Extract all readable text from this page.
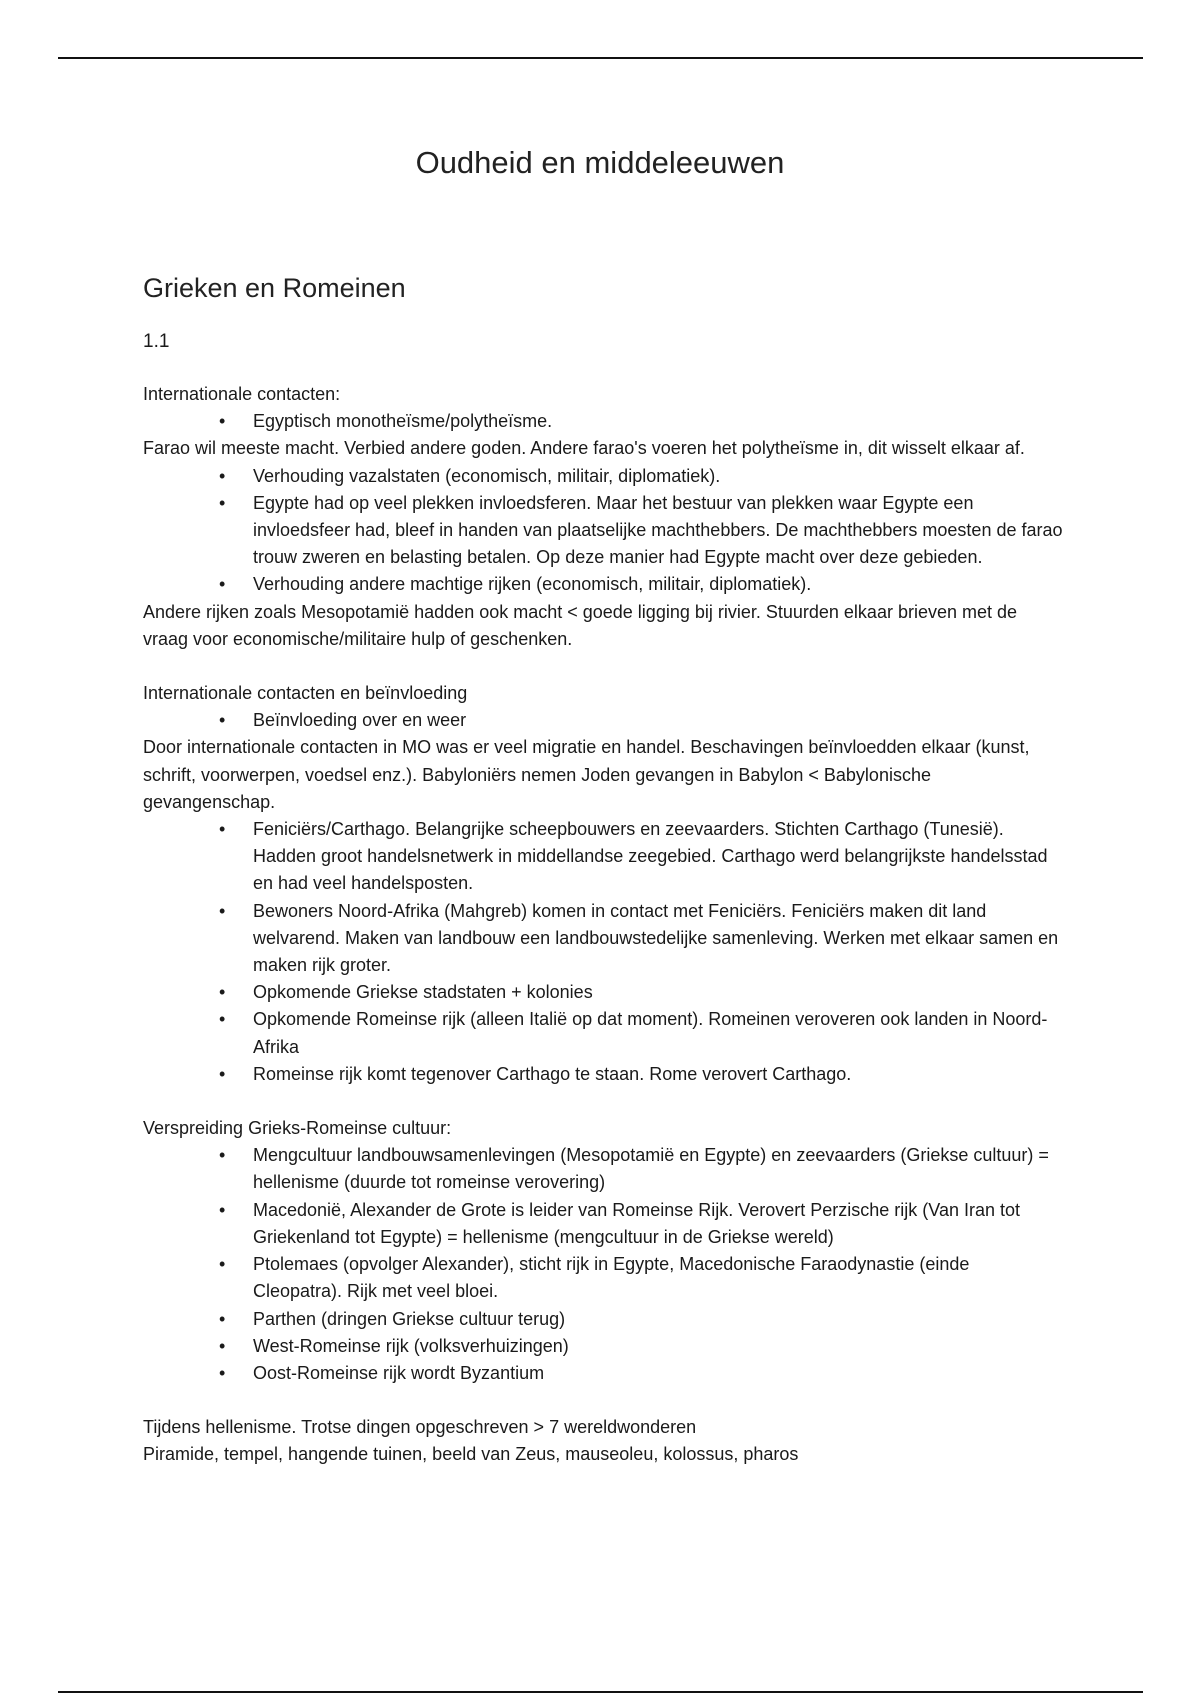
Oudheid en middeleeuwen
Grieken en Romeinen
1.1

Internationale contacten:

• Egyptisch monotheïsme/polytheïsme.

Farao wil meeste macht. Verbied andere goden. Andere farao's voeren het polytheïsme in, dit wisselt elkaar af.

• Verhouding vazalstaten (economisch, militair, diplomatiek).
• Egypte had op veel plekken invloedsferen. Maar het bestuur van plekken waar Egypte een invloedsfeer had, bleef in handen van plaatselijke machthebbers. De machthebbers moesten de farao trouw zweren en belasting betalen. Op deze manier had Egypte macht over deze gebieden.
• Verhouding andere machtige rijken (economisch, militair, diplomatiek).

Andere rijken zoals Mesopotamië hadden ook macht < goede ligging bij rivier. Stuurden elkaar brieven met de vraag voor economische/militaire hulp of geschenken.

Internationale contacten en beïnvloeding

• Beïnvloeding over en weer

Door internationale contacten in MO was er veel migratie en handel. Beschavingen beïnvloedden elkaar (kunst, schrift, voorwerpen, voedsel enz.). Babyloniërs nemen Joden gevangen in Babylon < Babylonische gevangenschap.

• Feniciërs/Carthago. Belangrijke scheepbouwers en zeevaarders. Stichten Carthago (Tunesië). Hadden groot handelsnetwerk in middellandse zeegebied. Carthago werd belangrijkste handelsstad en had veel handelsposten.
• Bewoners Noord-Afrika (Mahgreb) komen in contact met Feniciërs. Feniciërs maken dit land welvarend. Maken van landbouw een landbouwstedelijke samenleving. Werken met elkaar samen en maken rijk groter.
• Opkomende Griekse stadstaten + kolonies
• Opkomende Romeinse rijk (alleen Italië op dat moment). Romeinen veroveren ook landen in Noord-Afrika
• Romeinse rijk komt tegenover Carthago te staan. Rome verovert Carthago.

Verspreiding Grieks-Romeinse cultuur:

• Mengcultuur landbouwsamenlevingen (Mesopotamië en Egypte) en zeevaarders (Griekse cultuur) = hellenisme (duurde tot romeinse verovering)
• Macedonië, Alexander de Grote is leider van Romeinse Rijk. Verovert Perzische rijk (Van Iran tot Griekenland tot Egypte) = hellenisme (mengcultuur in de Griekse wereld)
• Ptolemaes (opvolger Alexander), sticht rijk in Egypte, Macedonische Faraodynastie (einde Cleopatra). Rijk met veel bloei.
• Parthen (dringen Griekse cultuur terug)
• West-Romeinse rijk (volksverhuizingen)
• Oost-Romeinse rijk wordt Byzantium

Tijdens hellenisme. Trotse dingen opgeschreven > 7 wereldwonderen

Piramide, tempel, hangende tuinen, beeld van Zeus, mauseoleu, kolossus, pharos
